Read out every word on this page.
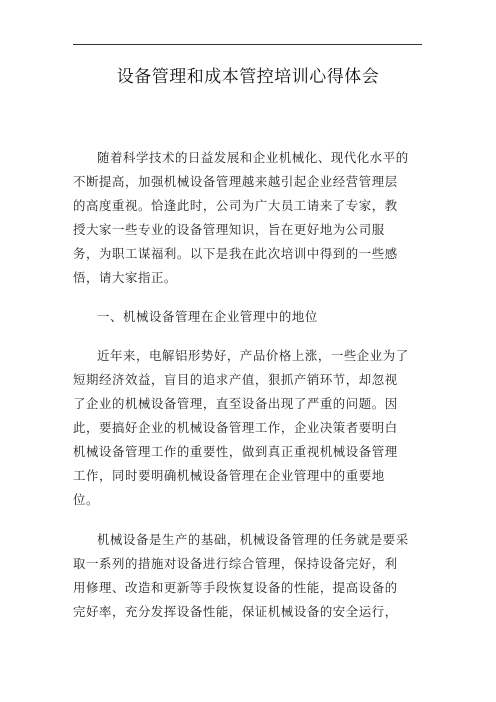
设备管理和成本管控培训心得体会
随着科学技术的日益发展和企业机械化、现代化水平的
不断提高，加强机械设备管理越来越引起企业经营管理层
的高度重视。恰逢此时，公司为广大员工请来了专家，教
授大家一些专业的设备管理知识，旨在更好地为公司服
务，为职工谋福利。以下是我在此次培训中得到的一些感
悟，请大家指正。
一、机械设备管理在企业管理中的地位
近年来，电解铝形势好，产品价格上涨，一些企业为了
短期经济效益，盲目的追求产值，狠抓产销环节，却忽视
了企业的机械设备管理，直至设备出现了严重的问题。因
此，要搞好企业的机械设备管理工作，企业决策者要明白
机械设备管理工作的重要性，做到真正重视机械设备管理
工作，同时要明确机械设备管理在企业管理中的重要地
位。
机械设备是生产的基础，机械设备管理的任务就是要采
取一系列的措施对设备进行综合管理，保持设备完好，利
用修理、改造和更新等手段恢复设备的性能，提高设备的
完好率，充分发挥设备性能，保证机械设备的安全运行，
